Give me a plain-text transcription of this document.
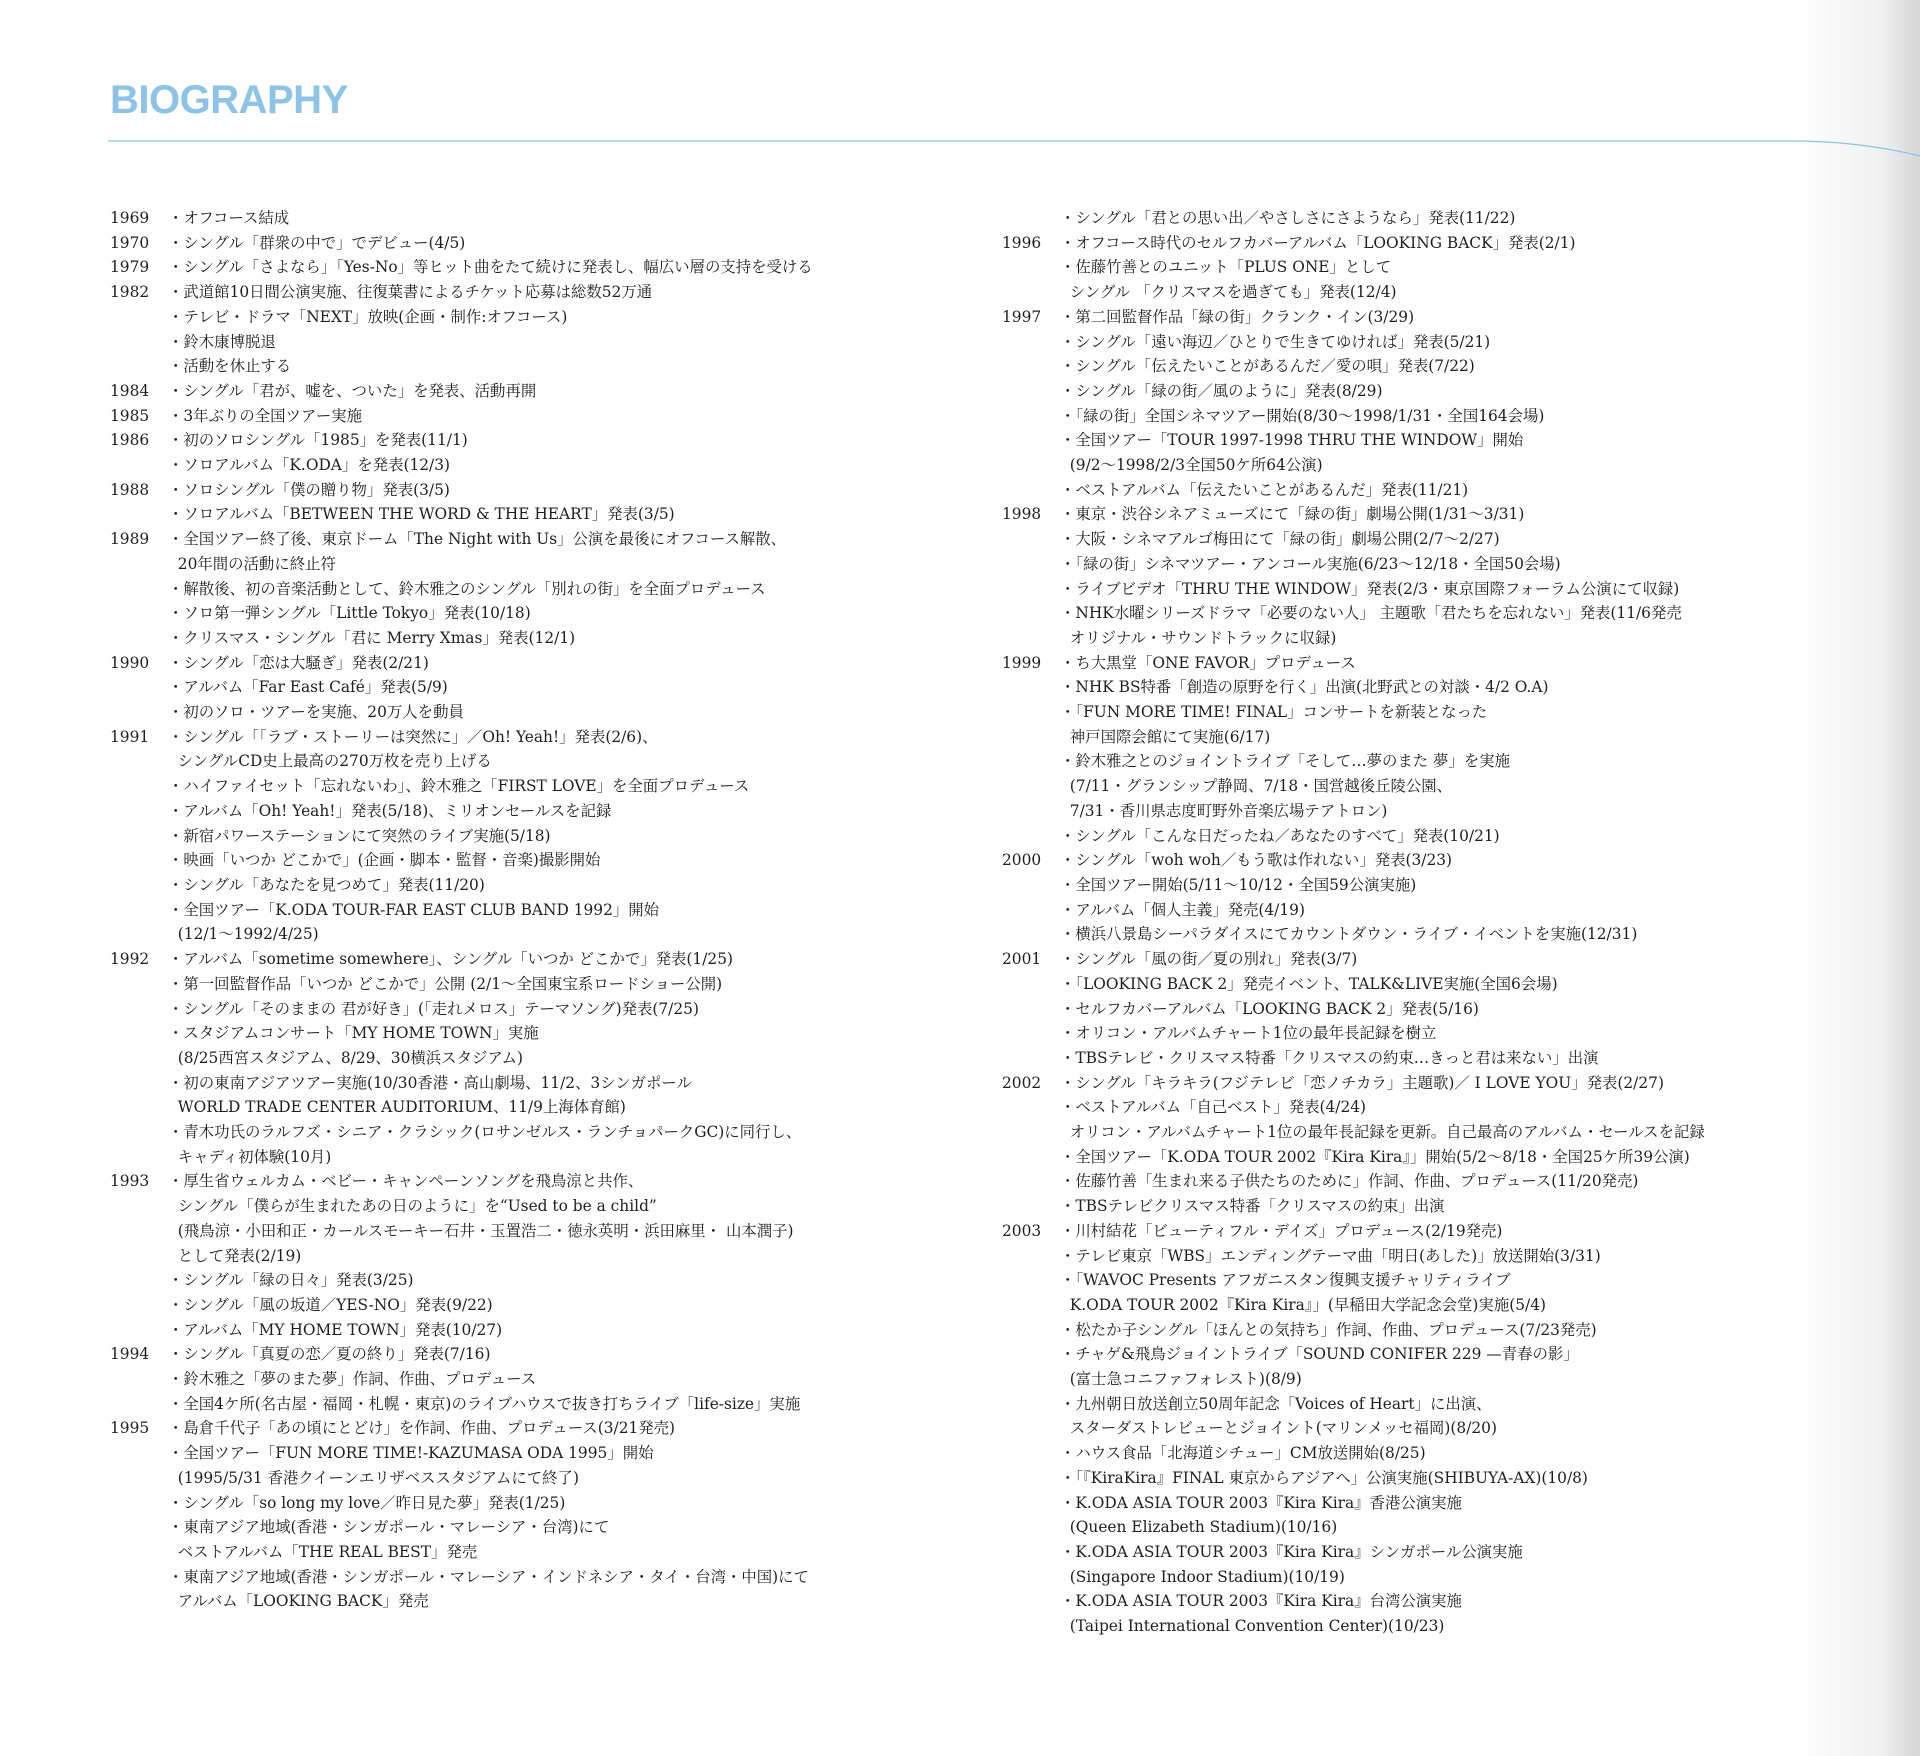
BIOGRAPHY
1969	・オフコース結成
1970	・シングル「群衆の中で」でデビュー(4/5)
1979	・シングル「さよなら」「Yes-No」等ヒット曲をたて続けに発表し、幅広い層の支持を受ける
1982	・武道館10日間公演実施、往復葉書によるチケット応募は総数52万通
・テレビ・ドラマ「NEXT」放映(企画・制作:オフコース)
・鈴木康博脱退
・活動を休止する
1984	・シングル「君が、嘘を、ついた」を発表、活動再開
1985	・3年ぶりの全国ツアー実施
1986	・初のソロシングル「1985」を発表(11/1)
・ソロアルバム「K.ODA」を発表(12/3)
1988	・ソロシングル「僕の贈り物」発表(3/5)
・ソロアルバム「BETWEEN THE WORD & THE HEART」発表(3/5)
1989	・全国ツアー終了後、東京ドーム「The Night with Us」公演を最後にオフコース解散、
20年間の活動に終止符
・解散後、初の音楽活動として、鈴木雅之のシングル「別れの街」を全面プロデュース
・ソロ第一弾シングル「Little Tokyo」発表(10/18)
・クリスマス・シングル「君に Merry Xmas」発表(12/1)
1990	・シングル「恋は大騒ぎ」発表(2/21)
・アルバム「Far East Café」発表(5/9)
・初のソロ・ツアーを実施、20万人を動員
1991	・シングル「「ラブ・ストーリーは突然に」／Oh! Yeah!」発表(2/6)、
シングルCD史上最高の270万枚を売り上げる
・ハイファイセット「忘れないわ」、鈴木雅之「FIRST LOVE」を全面プロデュース
・アルバム「Oh! Yeah!」発表(5/18)、ミリオンセールスを記録
・新宿パワーステーションにて突然のライブ実施(5/18)
・映画「いつか どこかで」(企画・脚本・監督・音楽)撮影開始
・シングル「あなたを見つめて」発表(11/20)
・全国ツアー「K.ODA TOUR-FAR EAST CLUB BAND 1992」開始
(12/1〜1992/4/25)
1992	・アルバム「sometime somewhere」、シングル「いつか どこかで」発表(1/25)
・第一回監督作品「いつか どこかで」公開 (2/1〜全国東宝系ロードショー公開)
・シングル「そのままの 君が好き」(「走れメロス」テーマソング)発表(7/25)
・スタジアムコンサート「MY HOME TOWN」実施
(8/25西宮スタジアム、8/29、30横浜スタジアム)
・初の東南アジアツアー実施(10/30香港・高山劇場、11/2、3シンガポール
WORLD TRADE CENTER AUDITORIUM、11/9上海体育館)
・青木功氏のラルフズ・シニア・クラシック(ロサンゼルス・ランチョパークGC)に同行し、
キャディ初体験(10月)
1993	・厚生省ウェルカム・ベビー・キャンペーンソングを飛鳥涼と共作、
シングル「僕らが生まれたあの日のように」を“Used to be a child”
(飛鳥涼・小田和正・カールスモーキー石井・玉置浩二・徳永英明・浜田麻里・ 山本潤子)
として発表(2/19)
・シングル「緑の日々」発表(3/25)
・シングル「風の坂道／YES-NO」発表(9/22)
・アルバム「MY HOME TOWN」発表(10/27)
1994	・シングル「真夏の恋／夏の終り」発表(7/16)
・鈴木雅之「夢のまた夢」作詞、作曲、プロデュース
・全国4ケ所(名古屋・福岡・札幌・東京)のライブハウスで抜き打ちライブ「life-size」実施
1995	・島倉千代子「あの頃にとどけ」を作詞、作曲、プロデュース(3/21発売)
・全国ツアー「FUN MORE TIME!-KAZUMASA ODA 1995」開始
(1995/5/31 香港クイーンエリザベススタジアムにて終了)
・シングル「so long my love／昨日見た夢」発表(1/25)
・東南アジア地域(香港・シンガポール・マレーシア・台湾)にて
ベストアルバム「THE REAL BEST」発売
・東南アジア地域(香港・シンガポール・マレーシア・インドネシア・タイ・台湾・中国)にて
アルバム「LOOKING BACK」発売
・シングル「君との思い出／やさしさにさようなら」発表(11/22)
1996	・オフコース時代のセルフカバーアルバム「LOOKING BACK」発表(2/1)
・佐藤竹善とのユニット「PLUS ONE」として
シングル 「クリスマスを過ぎても」発表(12/4)
1997	・第二回監督作品「緑の街」クランク・イン(3/29)
・シングル「遠い海辺／ひとりで生きてゆければ」発表(5/21)
・シングル「伝えたいことがあるんだ／愛の唄」発表(7/22)
・シングル「緑の街／風のように」発表(8/29)
・「緑の街」全国シネマツアー開始(8/30〜1998/1/31・全国164会場)
・全国ツアー「TOUR 1997-1998 THRU THE WINDOW」開始
(9/2〜1998/2/3全国50ケ所64公演)
・ベストアルバム「伝えたいことがあるんだ」発表(11/21)
1998	・東京・渋谷シネアミューズにて「緑の街」劇場公開(1/31〜3/31)
・大阪・シネマアルゴ梅田にて「緑の街」劇場公開(2/7〜2/27)
・「緑の街」シネマツアー・アンコール実施(6/23〜12/18・全国50会場)
・ライブビデオ「THRU THE WINDOW」発表(2/3・東京国際フォーラム公演にて収録)
・NHK水曜シリーズドラマ「必要のない人」 主題歌「君たちを忘れない」発表(11/6発売
オリジナル・サウンドトラックに収録)
1999	・ち大黒堂「ONE FAVOR」プロデュース
・NHK BS特番「創造の原野を行く」出演(北野武との対談・4/2 O.A)
・「FUN MORE TIME! FINAL」コンサートを新装となった
神戸国際会館にて実施(6/17)
・鈴木雅之とのジョイントライブ「そして…夢のまた 夢」を実施
(7/11・グランシップ静岡、7/18・国営越後丘陵公園、
7/31・香川県志度町野外音楽広場テアトロン)
・シングル「こんな日だったね／あなたのすべて」発表(10/21)
2000	・シングル「woh woh／もう歌は作れない」発表(3/23)
・全国ツアー開始(5/11〜10/12・全国59公演実施)
・アルバム「個人主義」発売(4/19)
・横浜八景島シーパラダイスにてカウントダウン・ライブ・イベントを実施(12/31)
2001	・シングル「風の街／夏の別れ」発表(3/7)
・「LOOKING BACK 2」発売イベント、TALK&LIVE実施(全国6会場)
・セルフカバーアルバム「LOOKING BACK 2」発表(5/16)
・オリコン・アルバムチャート1位の最年長記録を樹立
・TBSテレビ・クリスマス特番「クリスマスの約束…きっと君は来ない」出演
2002	・シングル「キラキラ(フジテレビ「恋ノチカラ」主題歌)／ I LOVE YOU」発表(2/27)
・ベストアルバム「自己ベスト」発表(4/24)
オリコン・アルバムチャート1位の最年長記録を更新。自己最高のアルバム・セールスを記録
・全国ツアー「K.ODA TOUR 2002『Kira Kira』」開始(5/2〜8/18・全国25ケ所39公演)
・佐藤竹善「生まれ来る子供たちのために」作詞、作曲、プロデュース(11/20発売)
・TBSテレビクリスマス特番「クリスマスの約束」出演
2003	・川村結花「ビューティフル・デイズ」プロデュース(2/19発売)
・テレビ東京「WBS」エンディングテーマ曲「明日(あした)」放送開始(3/31)
・「WAVOC Presents アフガニスタン復興支援チャリティライブ
K.ODA TOUR 2002『Kira Kira』」(早稲田大学記念会堂)実施(5/4)
・松たか子シングル「ほんとの気持ち」作詞、作曲、プロデュース(7/23発売)
・チャゲ&飛鳥ジョイントライブ「SOUND CONIFER 229 —青春の影」
(富士急コニファフォレスト)(8/9)
・九州朝日放送創立50周年記念「Voices of Heart」に出演、
スターダストレビューとジョイント(マリンメッセ福岡)(8/20)
・ハウス食品「北海道シチュー」CM放送開始(8/25)
・「『KiraKira』FINAL 東京からアジアへ」公演実施(SHIBUYA-AX)(10/8)
・K.ODA ASIA TOUR 2003『Kira Kira』香港公演実施
(Queen Elizabeth Stadium)(10/16)
・K.ODA ASIA TOUR 2003『Kira Kira』シンガポール公演実施
(Singapore Indoor Stadium)(10/19)
・K.ODA ASIA TOUR 2003『Kira Kira』台湾公演実施
(Taipei International Convention Center)(10/23)
